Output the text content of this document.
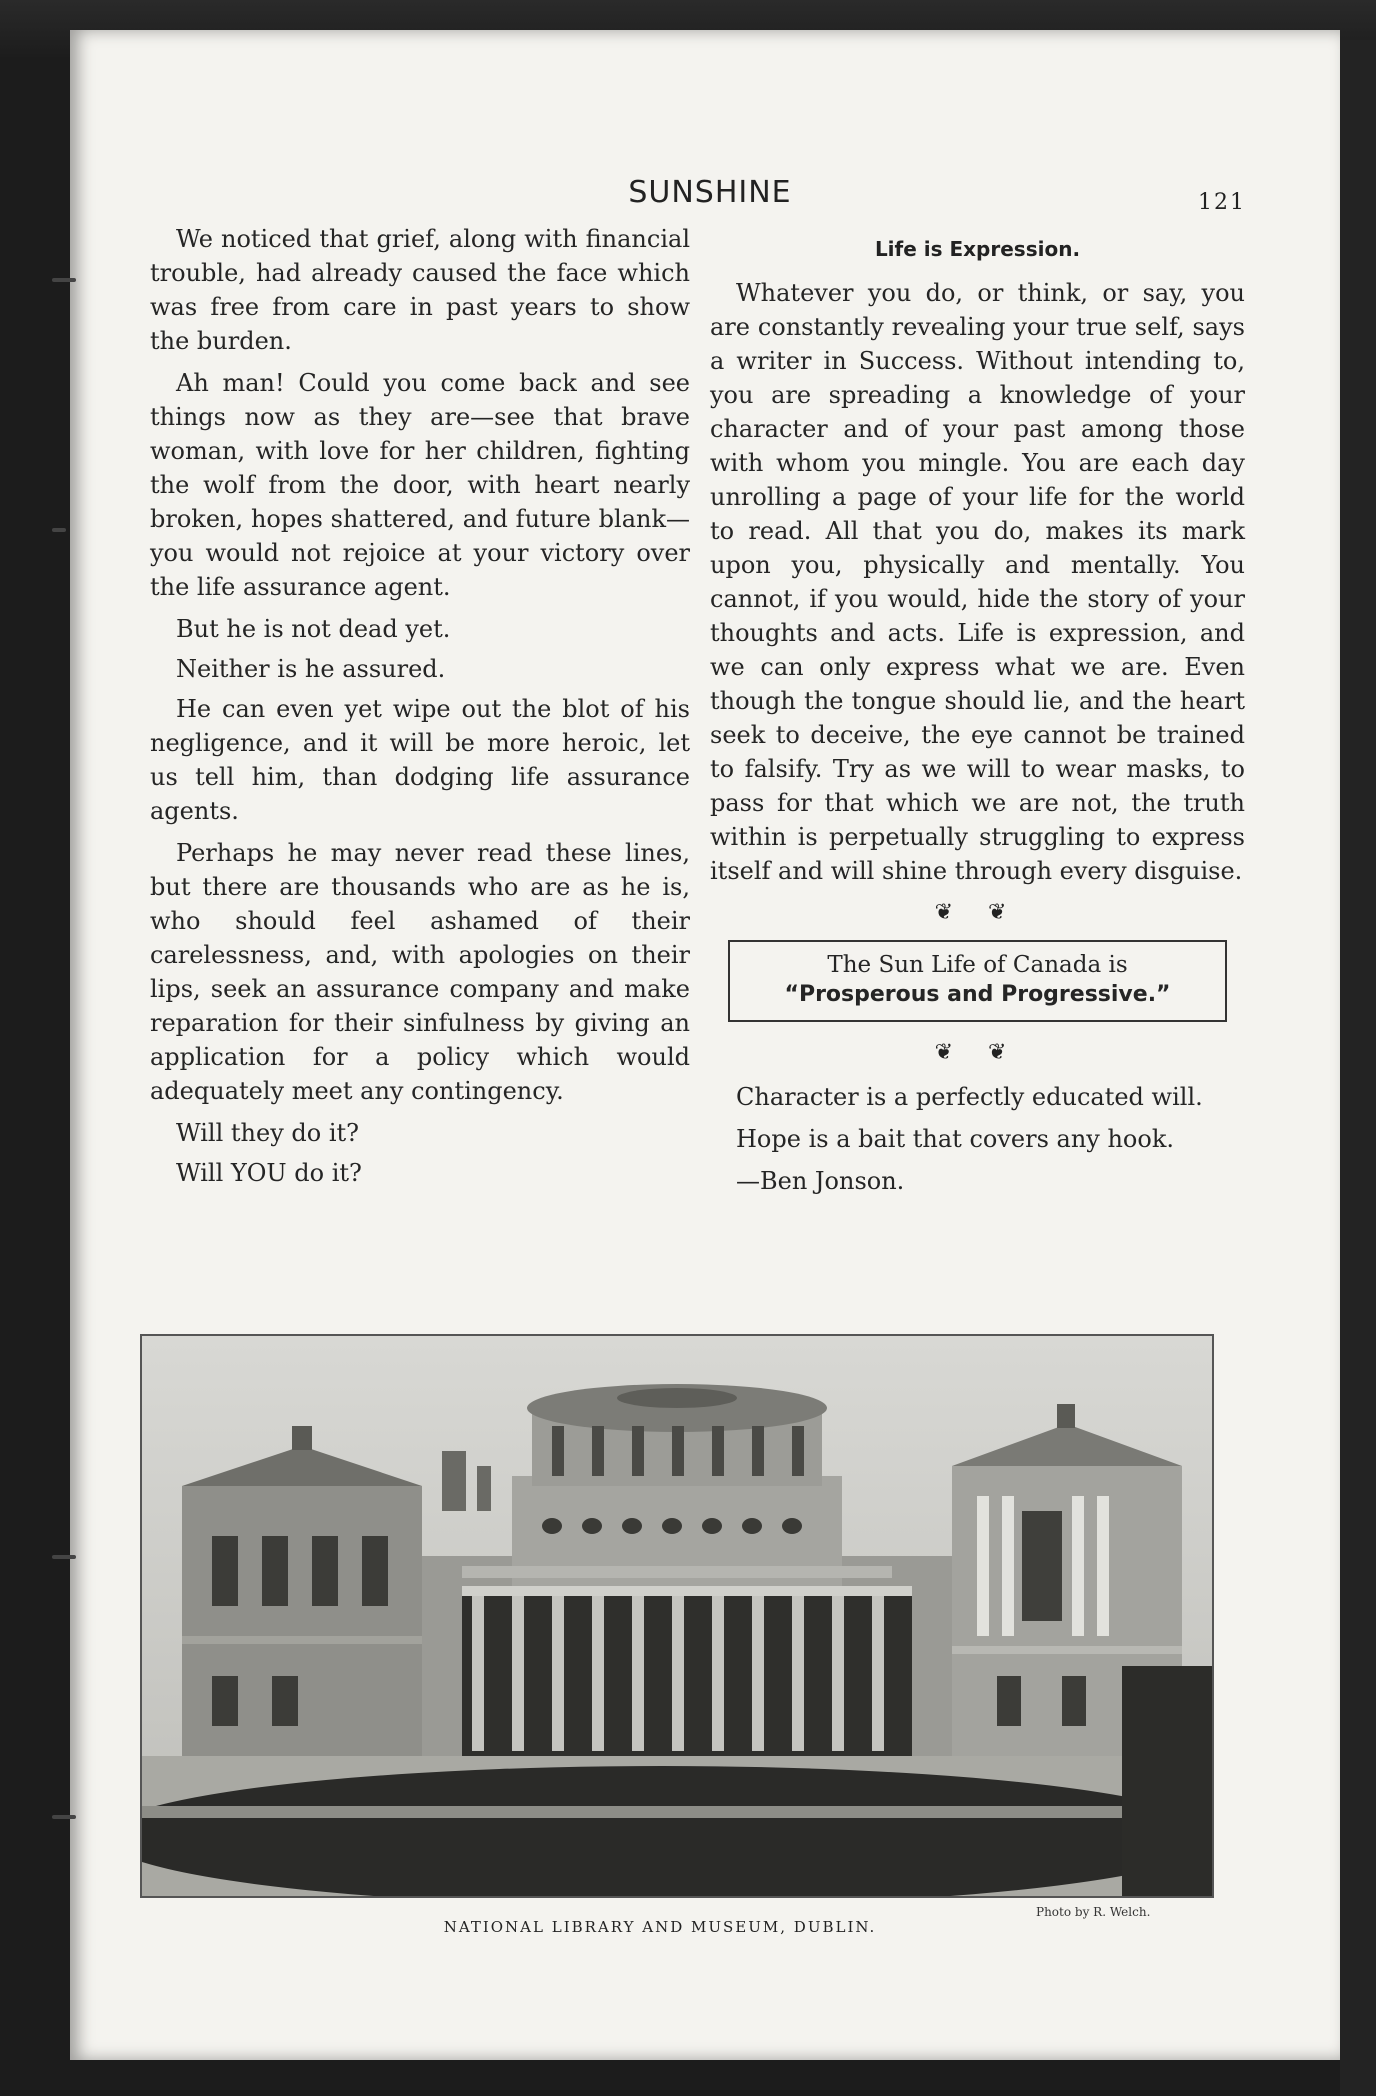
SUNSHINE	121

We noticed that grief, along with financial trouble, had already caused the face which was free from care in past years to show the burden.

Ah man! Could you come back and see things now as they are—see that brave woman, with love for her children, fighting the wolf from the door, with heart nearly broken, hopes shattered, and future blank—you would not rejoice at your victory over the life assurance agent.

But he is not dead yet.

Neither is he assured.

He can even yet wipe out the blot of his negligence, and it will be more heroic, let us tell him, than dodging life assurance agents.

Perhaps he may never read these lines, but there are thousands who are as he is, who should feel ashamed of their carelessness, and, with apologies on their lips, seek an assurance company and make reparation for their sinfulness by giving an application for a policy which would adequately meet any contingency.

Will they do it?

Will YOU do it?

Life is Expression.

Whatever you do, or think, or say, you are constantly revealing your true self, says a writer in Success. Without intending to, you are spreading a knowledge of your character and of your past among those with whom you mingle. You are each day unrolling a page of your life for the world to read. All that you do, makes its mark upon you, physically and mentally. You cannot, if you would, hide the story of your thoughts and acts. Life is expression, and we can only express what we are. Even though the tongue should lie, and the heart seek to deceive, the eye cannot be trained to falsify. Try as we will to wear masks, to pass for that which we are not, the truth within is perpetually struggling to express itself and will shine through every disguise.

❦ ❦
The Sun Life of Canada is
“Prosperous and Progressive.”
❦ ❦

Character is a perfectly educated will.

Hope is a bait that covers any hook.

—Ben Jonson.

Photo by R. Welch.
NATIONAL LIBRARY AND MUSEUM, DUBLIN.
